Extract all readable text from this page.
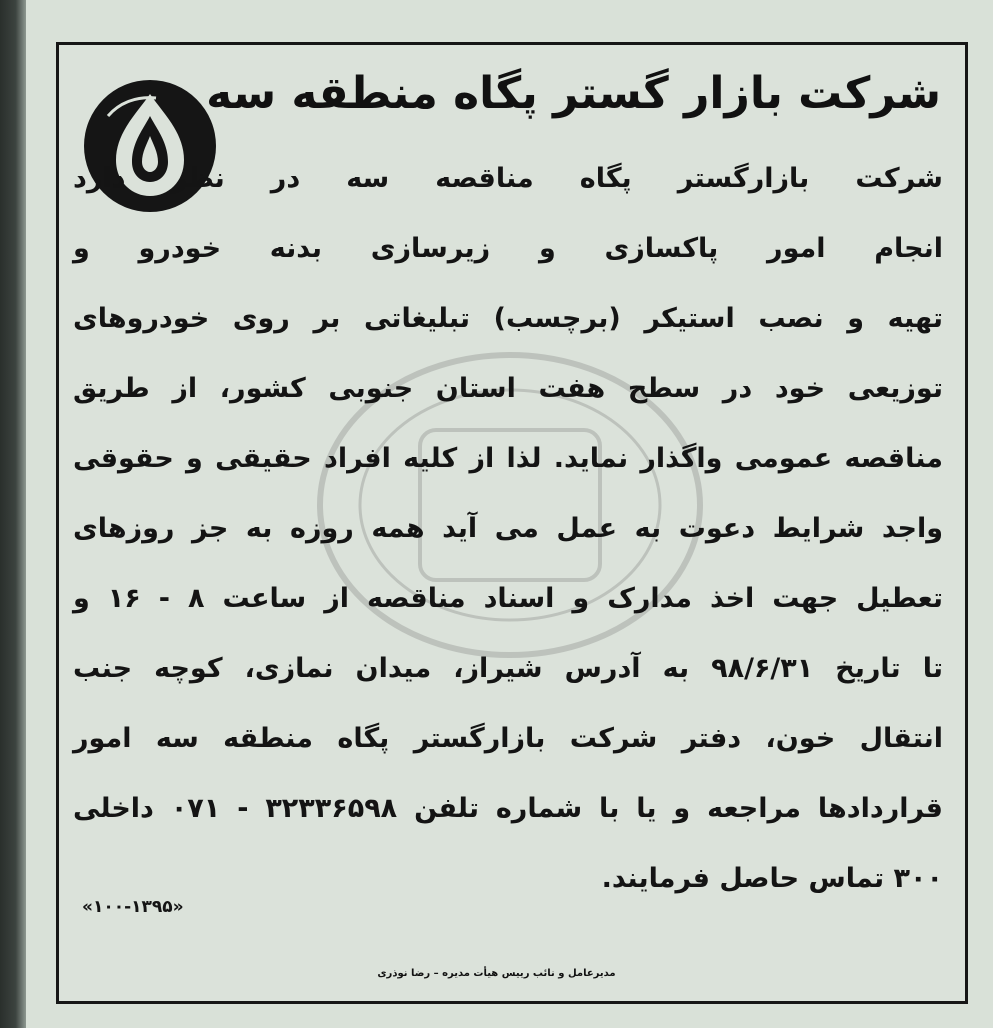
شرکت بازار گستر پگاه منطقه سه
شرکت بازارگستر پگاه مناقصه سه در نظر دارد
انجام امور پاکسازی و زیرسازی بدنه خودرو و
تهیه و نصب استیکر (برچسب) تبلیغاتی بر روی خودروهای
توزیعی خود در سطح هفت استان جنوبی کشور، از طریق
مناقصه عمومی واگذار نماید. لذا از کلیه افراد حقیقی و حقوقی
واجد شرایط دعوت به عمل می آید همه روزه به جز روزهای
تعطیل جهت اخذ مدارک و اسناد مناقصه از ساعت ۸ - ۱۶ و
تا تاریخ ۹۸/۶/۳۱ به آدرس شیراز، میدان نمازی، کوچه جنب
انتقال خون، دفتر شرکت بازارگستر پگاه منطقه سه امور
قراردادها مراجعه و یا با شماره تلفن ۳۲۳۳۶۵۹۸ - ۰۷۱ داخلی
۳۰۰ تماس حاصل فرمایند.
«۱۰۰-۱۳۹۵»
مدیرعامل و نائب رییس هیأت مدیره – رضا نوذری
